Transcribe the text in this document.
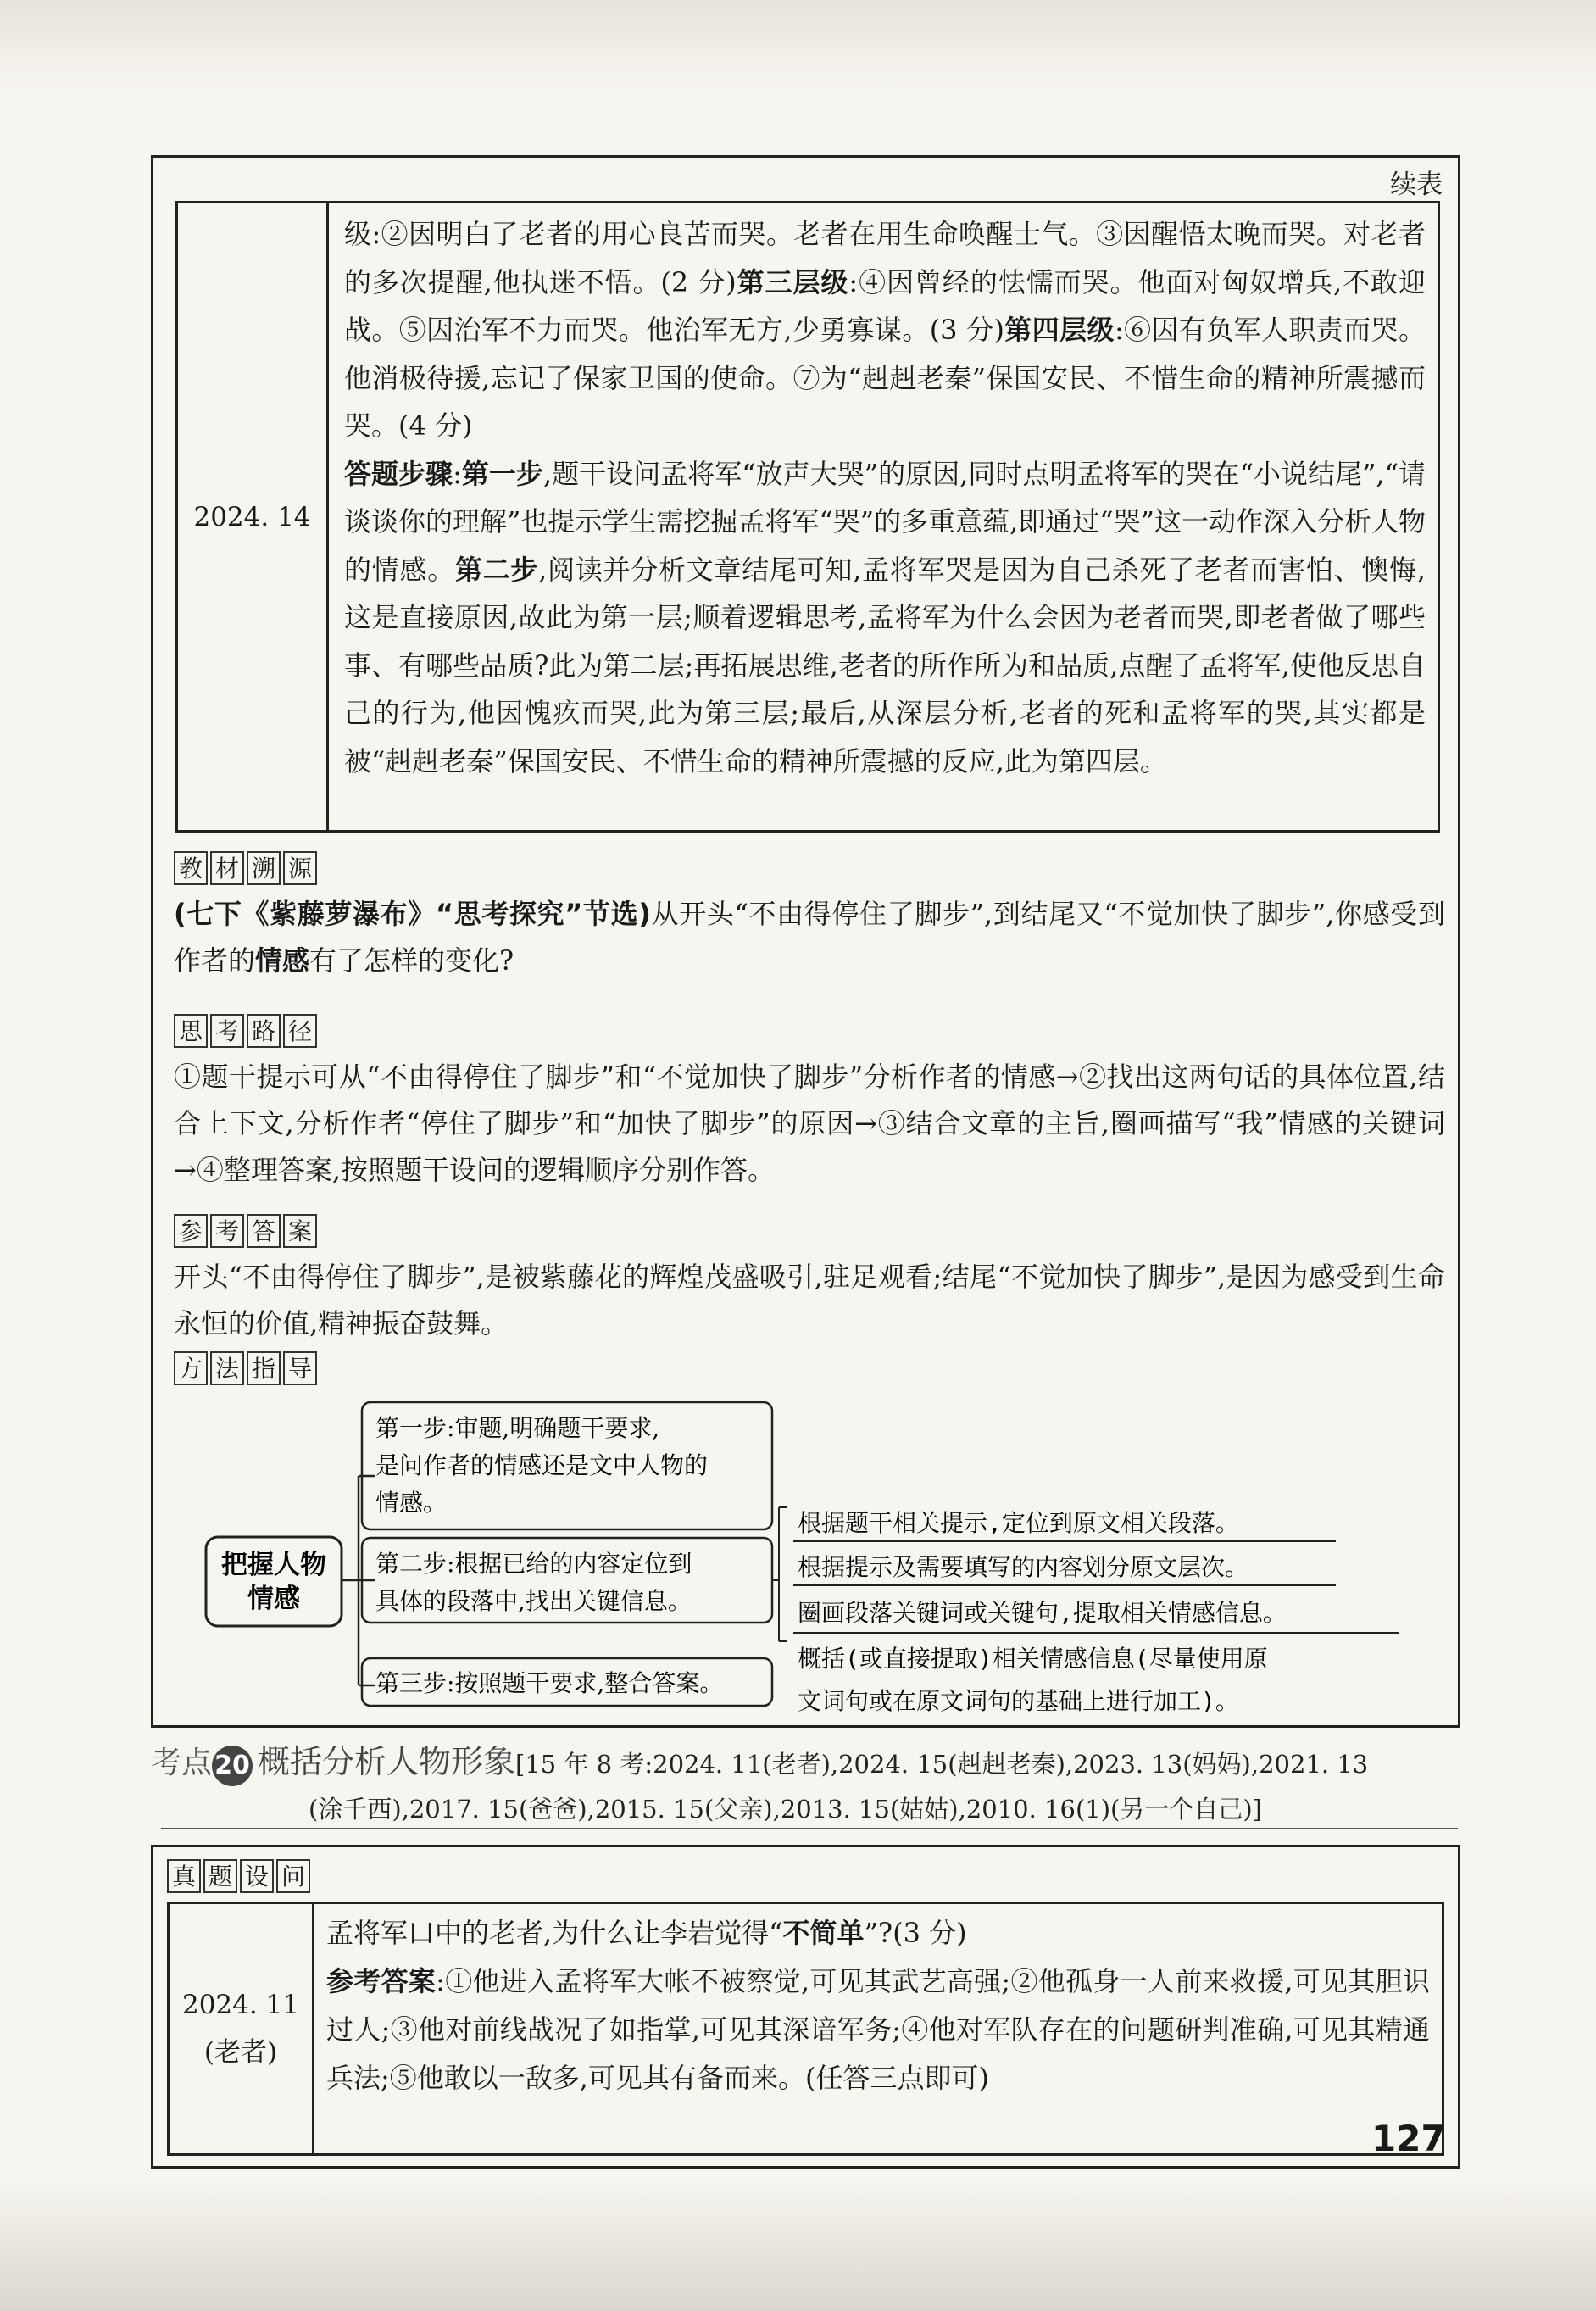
续表
2024. 14
级:②因明白了老者的用心良苦而哭。老者在用生命唤醒士气。③因醒悟太晚而哭。对老者的多次提醒,他执迷不悟。(2 分)第三层级:④因曾经的怯懦而哭。他面对匈奴增兵,不敢迎战。⑤因治军不力而哭。他治军无方,少勇寡谋。(3 分)第四层级:⑥因有负军人职责而哭。他消极待援,忘记了保家卫国的使命。⑦为“赳赳老秦”保国安民、不惜生命的精神所震撼而哭。(4 分)
答题步骤:第一步,题干设问孟将军“放声大哭”的原因,同时点明孟将军的哭在“小说结尾”,“请谈谈你的理解”也提示学生需挖掘孟将军“哭”的多重意蕴,即通过“哭”这一动作深入分析人物的情感。第二步,阅读并分析文章结尾可知,孟将军哭是因为自己杀死了老者而害怕、懊悔,这是直接原因,故此为第一层;顺着逻辑思考,孟将军为什么会因为老者而哭,即老者做了哪些事、有哪些品质?此为第二层;再拓展思维,老者的所作所为和品质,点醒了孟将军,使他反思自己的行为,他因愧疚而哭,此为第三层;最后,从深层分析,老者的死和孟将军的哭,其实都是被“赳赳老秦”保国安民、不惜生命的精神所震撼的反应,此为第四层。
教 材 溯 源
(七下《紫藤萝瀑布》“思考探究”节选)从开头“不由得停住了脚步”,到结尾又“不觉加快了脚步”,你感受到作者的情感有了怎样的变化?
思 考 路 径
①题干提示可从“不由得停住了脚步”和“不觉加快了脚步”分析作者的情感→②找出这两句话的具体位置,结合上下文,分析作者“停住了脚步”和“加快了脚步”的原因→③结合文章的主旨,圈画描写“我”情感的关键词→④整理答案,按照题干设问的逻辑顺序分别作答。
参 考 答 案
开头“不由得停住了脚步”,是被紫藤花的辉煌茂盛吸引,驻足观看;结尾“不觉加快了脚步”,是因为感受到生命永恒的价值,精神振奋鼓舞。
方 法 指 导
把握人物
情感
第一步:审题,明确题干要求,
是问作者的情感还是文中人物的
情感。
第二步:根据已给的内容定位到
具体的段落中,找出关键信息。
第三步:按照题干要求,整合答案。
根据题干相关提示,定位到原文相关段落。
根据提示及需要填写的内容划分原文层次。
圈画段落关键词或关键句,提取相关情感信息。
概括(或直接提取)相关情感信息(尽量使用原
文词句或在原文词句的基础上进行加工)。
考点 20 概括分析人物形象[15 年 8 考:2024. 11(老者),2024. 15(赳赳老秦),2023. 13(妈妈),2021. 13
(涂千西),2017. 15(爸爸),2015. 15(父亲),2013. 15(姑姑),2010. 16(1)(另一个自己)]
真 题 设 问
2024. 11
(老者)
孟将军口中的老者,为什么让李岩觉得“不简单”?(3 分)
参考答案:①他进入孟将军大帐不被察觉,可见其武艺高强;②他孤身一人前来救援,可见其胆识过人;③他对前线战况了如指掌,可见其深谙军务;④他对军队存在的问题研判准确,可见其精通兵法;⑤他敢以一敌多,可见其有备而来。(任答三点即可)
127
